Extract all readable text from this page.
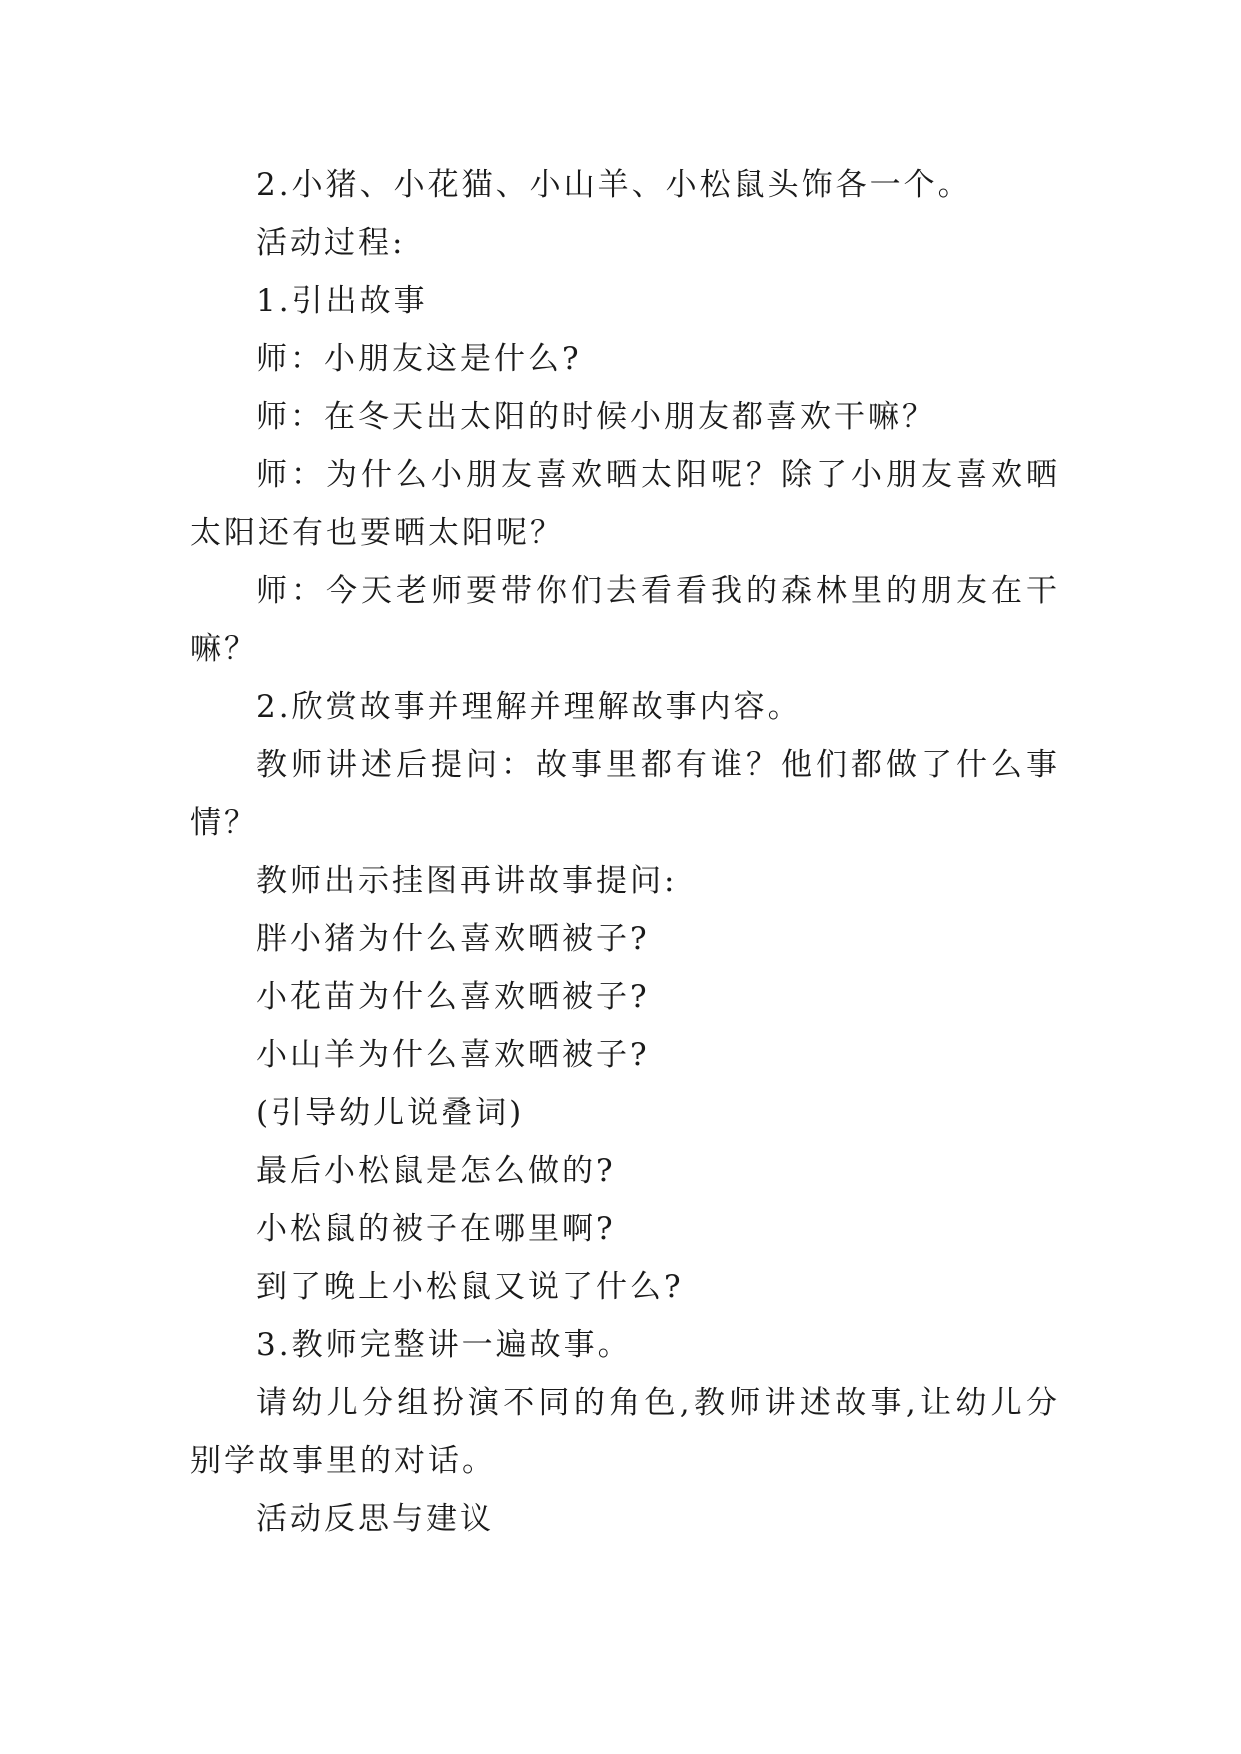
2.小猪、小花猫、小山羊、小松鼠头饰各一个。

活动过程:

1.引出故事

师：小朋友这是什么?

师：在冬天出太阳的时候小朋友都喜欢干嘛？

师：为什么小朋友喜欢晒太阳呢？除了小朋友喜欢晒太阳还有也要晒太阳呢？

师：今天老师要带你们去看看我的森林里的朋友在干嘛？

2.欣赏故事并理解并理解故事内容。

教师讲述后提问：故事里都有谁？他们都做了什么事情？

教师出示挂图再讲故事提问:

胖小猪为什么喜欢晒被子?

小花苗为什么喜欢晒被子?

小山羊为什么喜欢晒被子?

(引导幼儿说叠词)

最后小松鼠是怎么做的?

小松鼠的被子在哪里啊?

到了晚上小松鼠又说了什么?

3.教师完整讲一遍故事。

请幼儿分组扮演不同的角色,教师讲述故事,让幼儿分别学故事里的对话。

活动反思与建议
